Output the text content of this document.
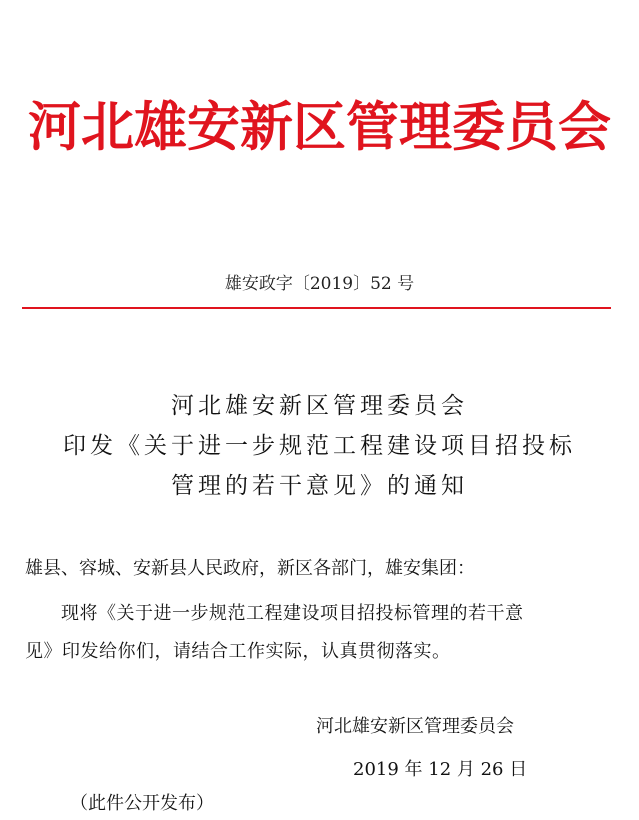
河北雄安新区管理委员会
雄安政字〔2019〕52 号
河北雄安新区管理委员会
印发《关于进一步规范工程建设项目招投标
管理的若干意见》的通知
雄县、容城、安新县人民政府，新区各部门，雄安集团：
现将《关于进一步规范工程建设项目招投标管理的若干意
见》印发给你们，请结合工作实际，认真贯彻落实。
河北雄安新区管理委员会
2019 年 12 月 26 日
（此件公开发布）
